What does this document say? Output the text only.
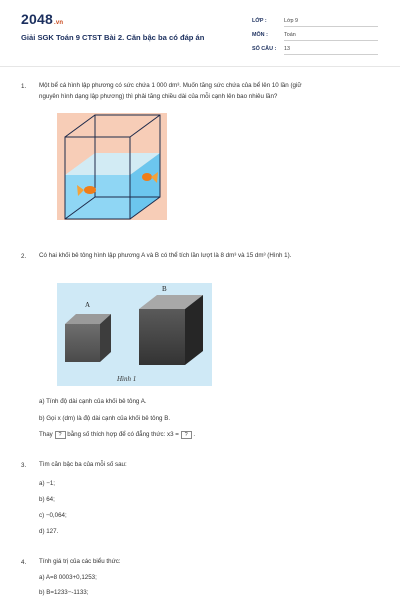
2048.vn
Giải SGK Toán 9 CTST Bài 2. Căn bậc ba có đáp án
LỚP :	Lớp 9
MÔN :	Toán
SỐ CÂU : 13
1. Một bể cá hình lập phương có sức chứa 1 000 dm³. Muốn tăng sức chứa của bể lên 10 lần (giữ
nguyên hình dạng lập phương) thì phải tăng chiều dài của mỗi cạnh lên bao nhiêu lần?
2. Có hai khối bê tông hình lập phương A và B có thể tích lần lượt là 8 dm³ và 15 dm³ (Hình 1).
A
B
Hình 1
a) Tính độ dài cạnh của khối bê tông A.
b) Gọi x (dm) là độ dài cạnh của khối bê tông B.
Thay ? bằng số thích hợp để có đẳng thức: x3 = ? .
3. Tìm căn bậc ba của mỗi số sau:
a) −1;
b) 64;
c) −0,064;
d) 127.
4. Tính giá trị của các biểu thức:
a) A=8 0003+0,1253;
b) B=1233−-1133;
